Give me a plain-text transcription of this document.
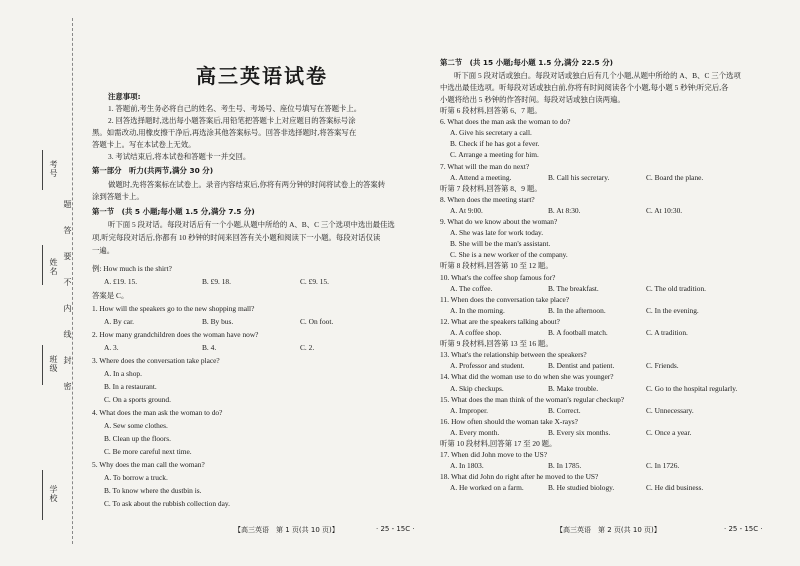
考号
姓名
班级
学校
题
答
要
不
内
线
封
密
高三英语试卷
注意事项:
1. 答题前,考生务必将自己的姓名、考生号、考场号、座位号填写在答题卡上。
2. 回答选择题时,选出每小题答案后,用铅笔把答题卡上对应题目的答案标号涂
黑。如需改动,用橡皮擦干净后,再选涂其他答案标号。回答非选择题时,将答案写在
答题卡上。写在本试卷上无效。
3. 考试结束后,将本试卷和答题卡一并交回。
第一部分　听力(共两节,满分 30 分)
做题时,先将答案标在试卷上。录音内容结束后,你将有两分钟的时间将试卷上的答案转
涂到答题卡上。
第一节　(共 5 小题;每小题 1.5 分,满分 7.5 分)
听下面 5 段对话。每段对话后有一个小题,从题中所给的 A、B、C 三个选项中选出最佳选
项,听完每段对话后,你都有 10 秒钟的时间来回答有关小题和阅读下一小题。每段对话仅读
一遍。
例: How much is the shirt?
A. £19. 15.	B. £9. 18.	C. £9. 15.
答案是 C。
1. How will the speakers go to the new shopping mall?
A. By car.	B. By bus.	C. On foot.
2. How many grandchildren does the woman have now?
A. 3.	B. 4.	C. 2.
3. Where does the conversation take place?
A. In a shop.
B. In a restaurant.
C. On a sports ground.
4. What does the man ask the woman to do?
A. Sew some clothes.
B. Clean up the floors.
C. Be more careful next time.
5. Why does the man call the woman?
A. To borrow a truck.
B. To know where the dustbin is.
C. To ask about the rubbish collection day.
【高三英语　第 1 页(共 10 页)】	· 25 - 15C ·
第二节　(共 15 小题;每小题 1.5 分,满分 22.5 分)
听下面 5 段对话或独白。每段对话或独白后有几个小题,从题中所给的 A、B、C 三个选项
中选出最佳选项。听每段对话或独白前,你将有时间阅读各个小题,每小题 5 秒钟;听完后,各
小题将给出 5 秒钟的作答时间。每段对话或独白读两遍。
听第 6 段材料,回答第 6、7 题。
6. What does the man ask the woman to do?
A. Give his secretary a call.
B. Check if he has got a fever.
C. Arrange a meeting for him.
7. What will the man do next?
A. Attend a meeting.	B. Call his secretary.	C. Board the plane.
听第 7 段材料,回答第 8、9 题。
8. When does the meeting start?
A. At 9:00.	B. At 8:30.	C. At 10:30.
9. What do we know about the woman?
A. She was late for work today.
B. She will be the man's assistant.
C. She is a new worker of the company.
听第 8 段材料,回答第 10 至 12 题。
10. What's the coffee shop famous for?
A. The coffee.	B. The breakfast.	C. The old tradition.
11. When does the conversation take place?
A. In the morning.	B. In the afternoon.	C. In the evening.
12. What are the speakers talking about?
A. A coffee shop.	B. A football match.	C. A tradition.
听第 9 段材料,回答第 13 至 16 题。
13. What's the relationship between the speakers?
A. Professor and student.	B. Dentist and patient.	C. Friends.
14. What did the woman use to do when she was younger?
A. Skip checkups.	B. Make trouble.	C. Go to the hospital regularly.
15. What does the man think of the woman's regular checkup?
A. Improper.	B. Correct.	C. Unnecessary.
16. How often should the woman take X-rays?
A. Every month.	B. Every six months.	C. Once a year.
听第 10 段材料,回答第 17 至 20 题。
17. When did John move to the US?
A. In 1803.	B. In 1785.	C. In 1726.
18. What did John do right after he moved to the US?
A. He worked on a farm.	B. He studied biology.	C. He did business.
【高三英语　第 2 页(共 10 页)】	· 25 - 15C ·
